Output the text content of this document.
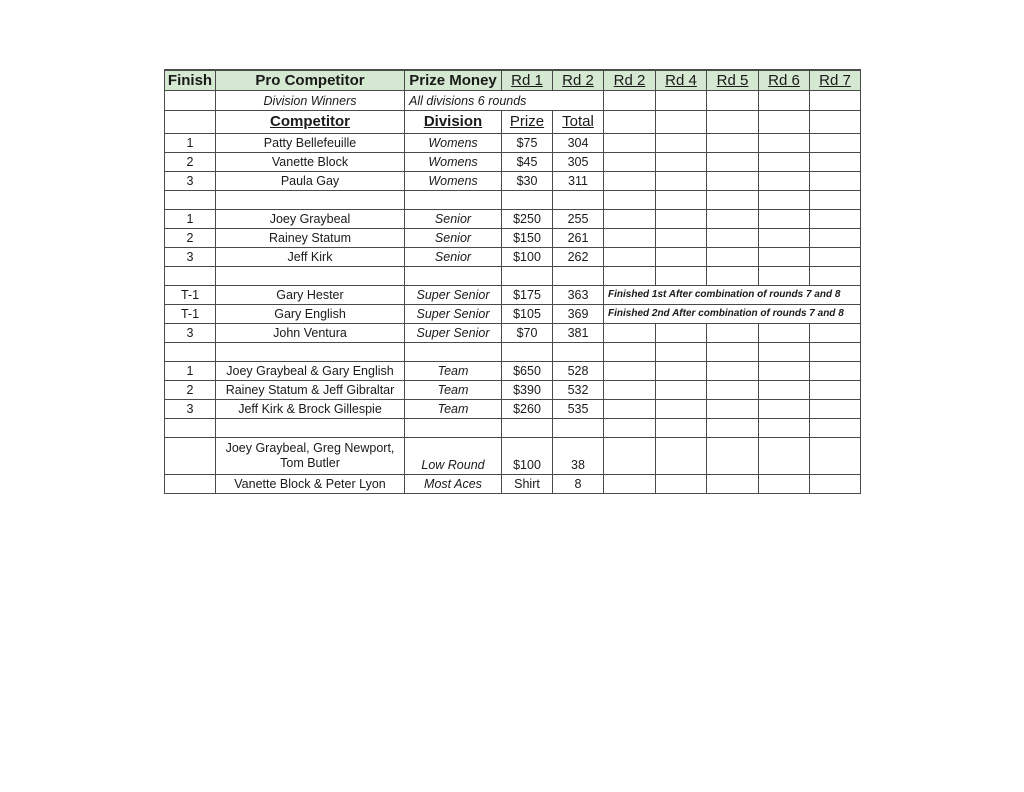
Finish	Pro Competitor	Prize Money	Rd 1	Rd 2	Rd 2	Rd 4	Rd 5	Rd 6	Rd 7
	Division Winners	All divisions 6 rounds							
	Competitor	Division	Prize	Total					
1	Patty Bellefeuille	Womens	$75	304					
2	Vanette Block	Womens	$45	305					
3	Paula Gay	Womens	$30	311					

1	Joey Graybeal	Senior	$250	255					
2	Rainey Statum	Senior	$150	261					
3	Jeff Kirk	Senior	$100	262					

T-1	Gary Hester	Super Senior	$175	363	Finished 1st After combination of rounds 7 and 8				
T-1	Gary English	Super Senior	$105	369	Finished 2nd After combination of rounds 7 and 8				
3	John Ventura	Super Senior	$70	381					

1	Joey Graybeal & Gary English	Team	$650	528					
2	Rainey Statum & Jeff Gibraltar	Team	$390	532					
3	Jeff Kirk & Brock Gillespie	Team	$260	535					

	Joey Graybeal, Greg Newport, Tom Butler	Low Round	$100	38					
	Vanette Block & Peter Lyon	Most Aces	Shirt	8					
